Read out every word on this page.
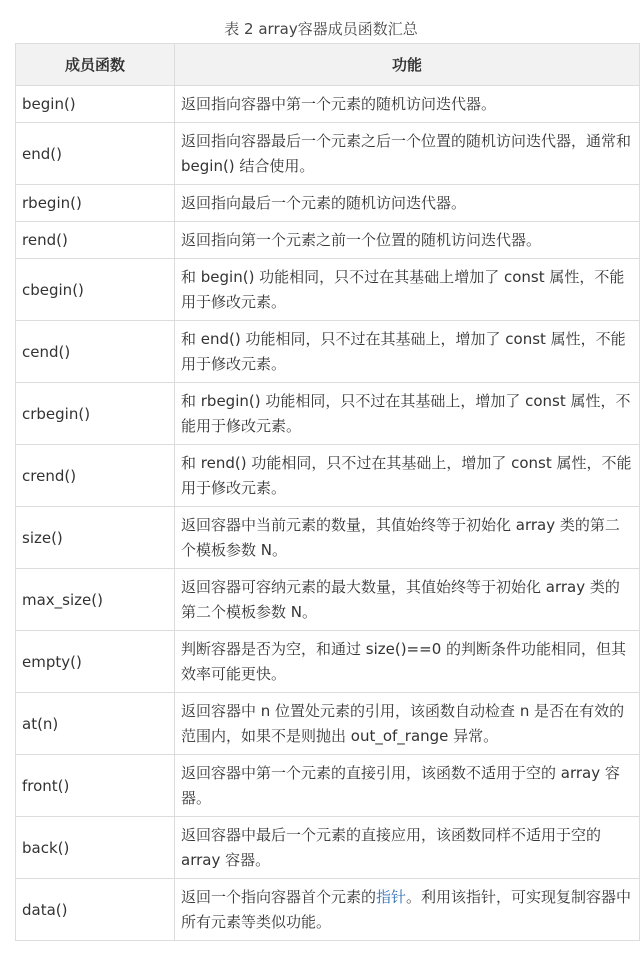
表 2 array容器成员函数汇总
成员函数	功能
begin()	返回指向容器中第一个元素的随机访问迭代器。
end()	返回指向容器最后一个元素之后一个位置的随机访问迭代器，通常和 begin() 结合使用。
rbegin()	返回指向最后一个元素的随机访问迭代器。
rend()	返回指向第一个元素之前一个位置的随机访问迭代器。
cbegin()	和 begin() 功能相同，只不过在其基础上增加了 const 属性，不能用于修改元素。
cend()	和 end() 功能相同，只不过在其基础上，增加了 const 属性，不能用于修改元素。
crbegin()	和 rbegin() 功能相同，只不过在其基础上，增加了 const 属性，不能用于修改元素。
crend()	和 rend() 功能相同，只不过在其基础上，增加了 const 属性，不能用于修改元素。
size()	返回容器中当前元素的数量，其值始终等于初始化 array 类的第二个模板参数 N。
max_size()	返回容器可容纳元素的最大数量，其值始终等于初始化 array 类的第二个模板参数 N。
empty()	判断容器是否为空，和通过 size()==0 的判断条件功能相同，但其效率可能更快。
at(n)	返回容器中 n 位置处元素的引用，该函数自动检查 n 是否在有效的范围内，如果不是则抛出 out_of_range 异常。
front()	返回容器中第一个元素的直接引用，该函数不适用于空的 array 容器。
back()	返回容器中最后一个元素的直接应用，该函数同样不适用于空的 array 容器。
data()	返回一个指向容器首个元素的指针。利用该指针，可实现复制容器中所有元素等类似功能。
